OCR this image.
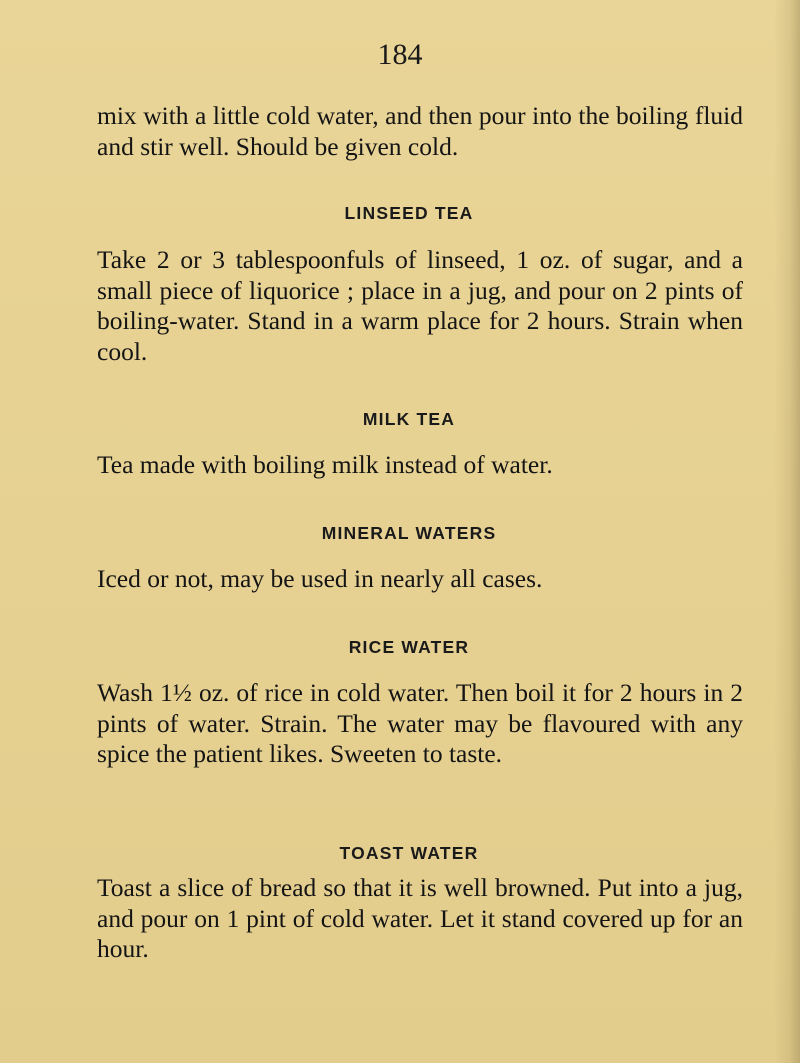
184

mix with a little cold water, and then pour into the boiling fluid and stir well. Should be given cold.

LINSEED TEA

Take 2 or 3 tablespoonfuls of linseed, 1 oz. of sugar, and a small piece of liquorice ; place in a jug, and pour on 2 pints of boiling-water. Stand in a warm place for 2 hours. Strain when cool.

MILK TEA

Tea made with boiling milk instead of water.

MINERAL WATERS

Iced or not, may be used in nearly all cases.

RICE WATER

Wash 1½ oz. of rice in cold water. Then boil it for 2 hours in 2 pints of water. Strain. The water may be flavoured with any spice the patient likes. Sweeten to taste.

TOAST WATER

Toast a slice of bread so that it is well browned. Put into a jug, and pour on 1 pint of cold water. Let it stand covered up for an hour.
